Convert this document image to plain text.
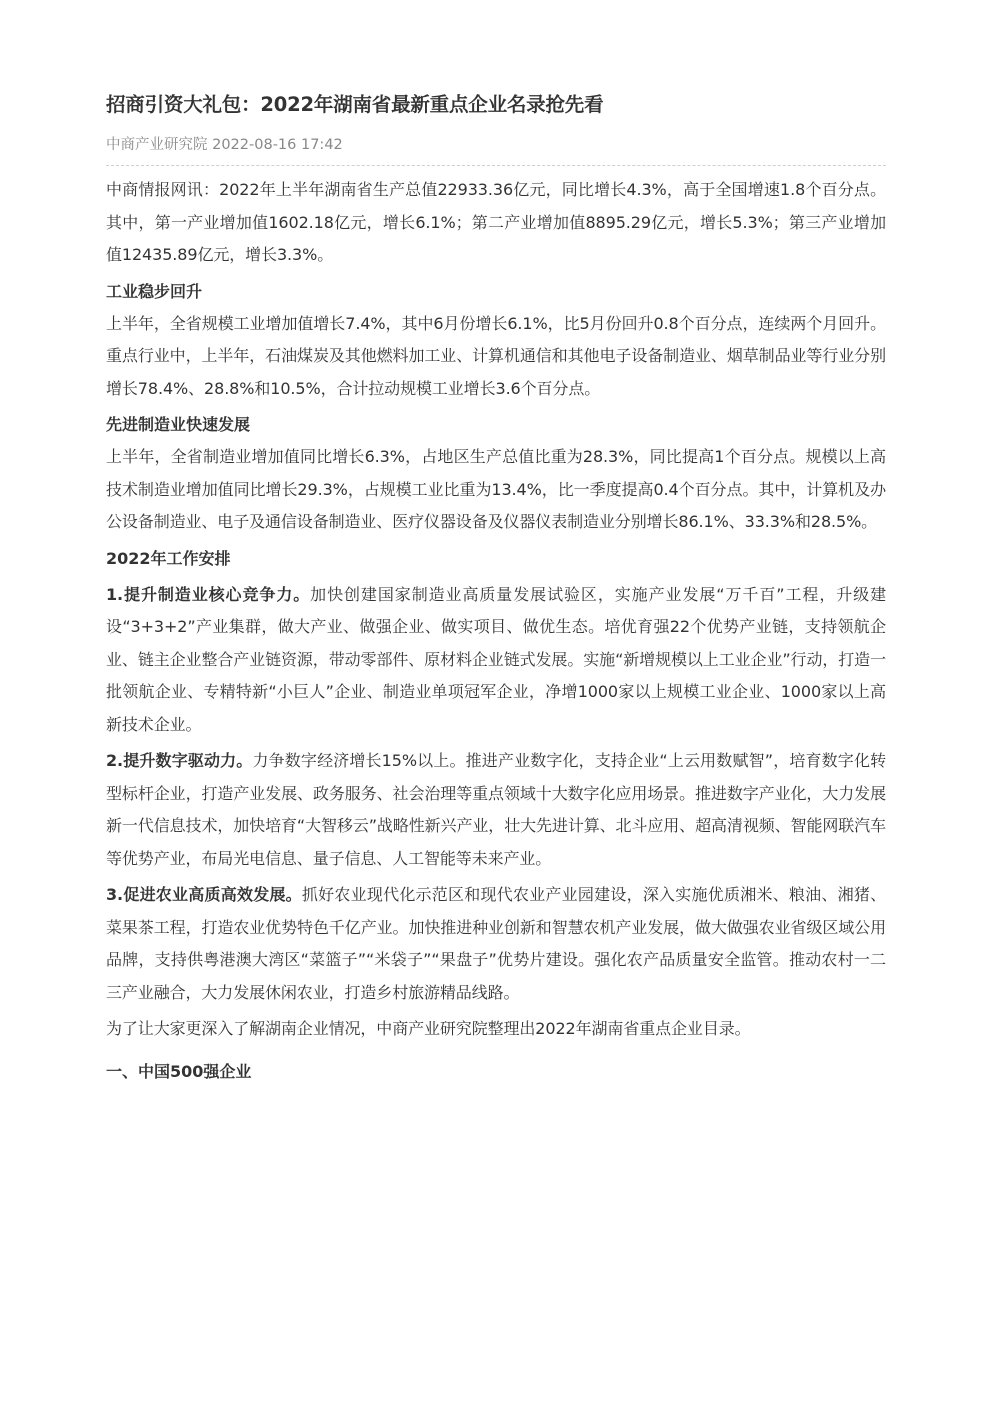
招商引资大礼包：2022年湖南省最新重点企业名录抢先看
中商产业研究院 2022-08-16 17:42

中商情报网讯：2022年上半年湖南省生产总值22933.36亿元，同比增长4.3%，高于全国增速1.8个百分点。其中，第一产业增加值1602.18亿元，增长6.1%；第二产业增加值8895.29亿元，增长5.3%；第三产业增加值12435.89亿元，增长3.3%。

工业稳步回升

上半年，全省规模工业增加值增长7.4%，其中6月份增长6.1%，比5月份回升0.8个百分点，连续两个月回升。重点行业中，上半年，石油煤炭及其他燃料加工业、计算机通信和其他电子设备制造业、烟草制品业等行业分别增长78.4%、28.8%和10.5%，合计拉动规模工业增长3.6个百分点。

先进制造业快速发展

上半年，全省制造业增加值同比增长6.3%，占地区生产总值比重为28.3%，同比提高1个百分点。规模以上高技术制造业增加值同比增长29.3%，占规模工业比重为13.4%，比一季度提高0.4个百分点。其中，计算机及办公设备制造业、电子及通信设备制造业、医疗仪器设备及仪器仪表制造业分别增长86.1%、33.3%和28.5%。

2022年工作安排

1.提升制造业核心竞争力。加快创建国家制造业高质量发展试验区，实施产业发展“万千百”工程，升级建设“3+3+2”产业集群，做大产业、做强企业、做实项目、做优生态。培优育强22个优势产业链，支持领航企业、链主企业整合产业链资源，带动零部件、原材料企业链式发展。实施“新增规模以上工业企业”行动，打造一批领航企业、专精特新“小巨人”企业、制造业单项冠军企业，净增1000家以上规模工业企业、1000家以上高新技术企业。

2.提升数字驱动力。力争数字经济增长15%以上。推进产业数字化，支持企业“上云用数赋智”，培育数字化转型标杆企业，打造产业发展、政务服务、社会治理等重点领域十大数字化应用场景。推进数字产业化，大力发展新一代信息技术，加快培育“大智移云”战略性新兴产业，壮大先进计算、北斗应用、超高清视频、智能网联汽车等优势产业，布局光电信息、量子信息、人工智能等未来产业。

3.促进农业高质高效发展。抓好农业现代化示范区和现代农业产业园建设，深入实施优质湘米、粮油、湘猪、菜果茶工程，打造农业优势特色千亿产业。加快推进种业创新和智慧农机产业发展，做大做强农业省级区域公用品牌，支持供粤港澳大湾区“菜篮子”“米袋子”“果盘子”优势片建设。强化农产品质量安全监管。推动农村一二三产业融合，大力发展休闲农业，打造乡村旅游精品线路。

为了让大家更深入了解湖南企业情况，中商产业研究院整理出2022年湖南省重点企业目录。

一、中国500强企业
